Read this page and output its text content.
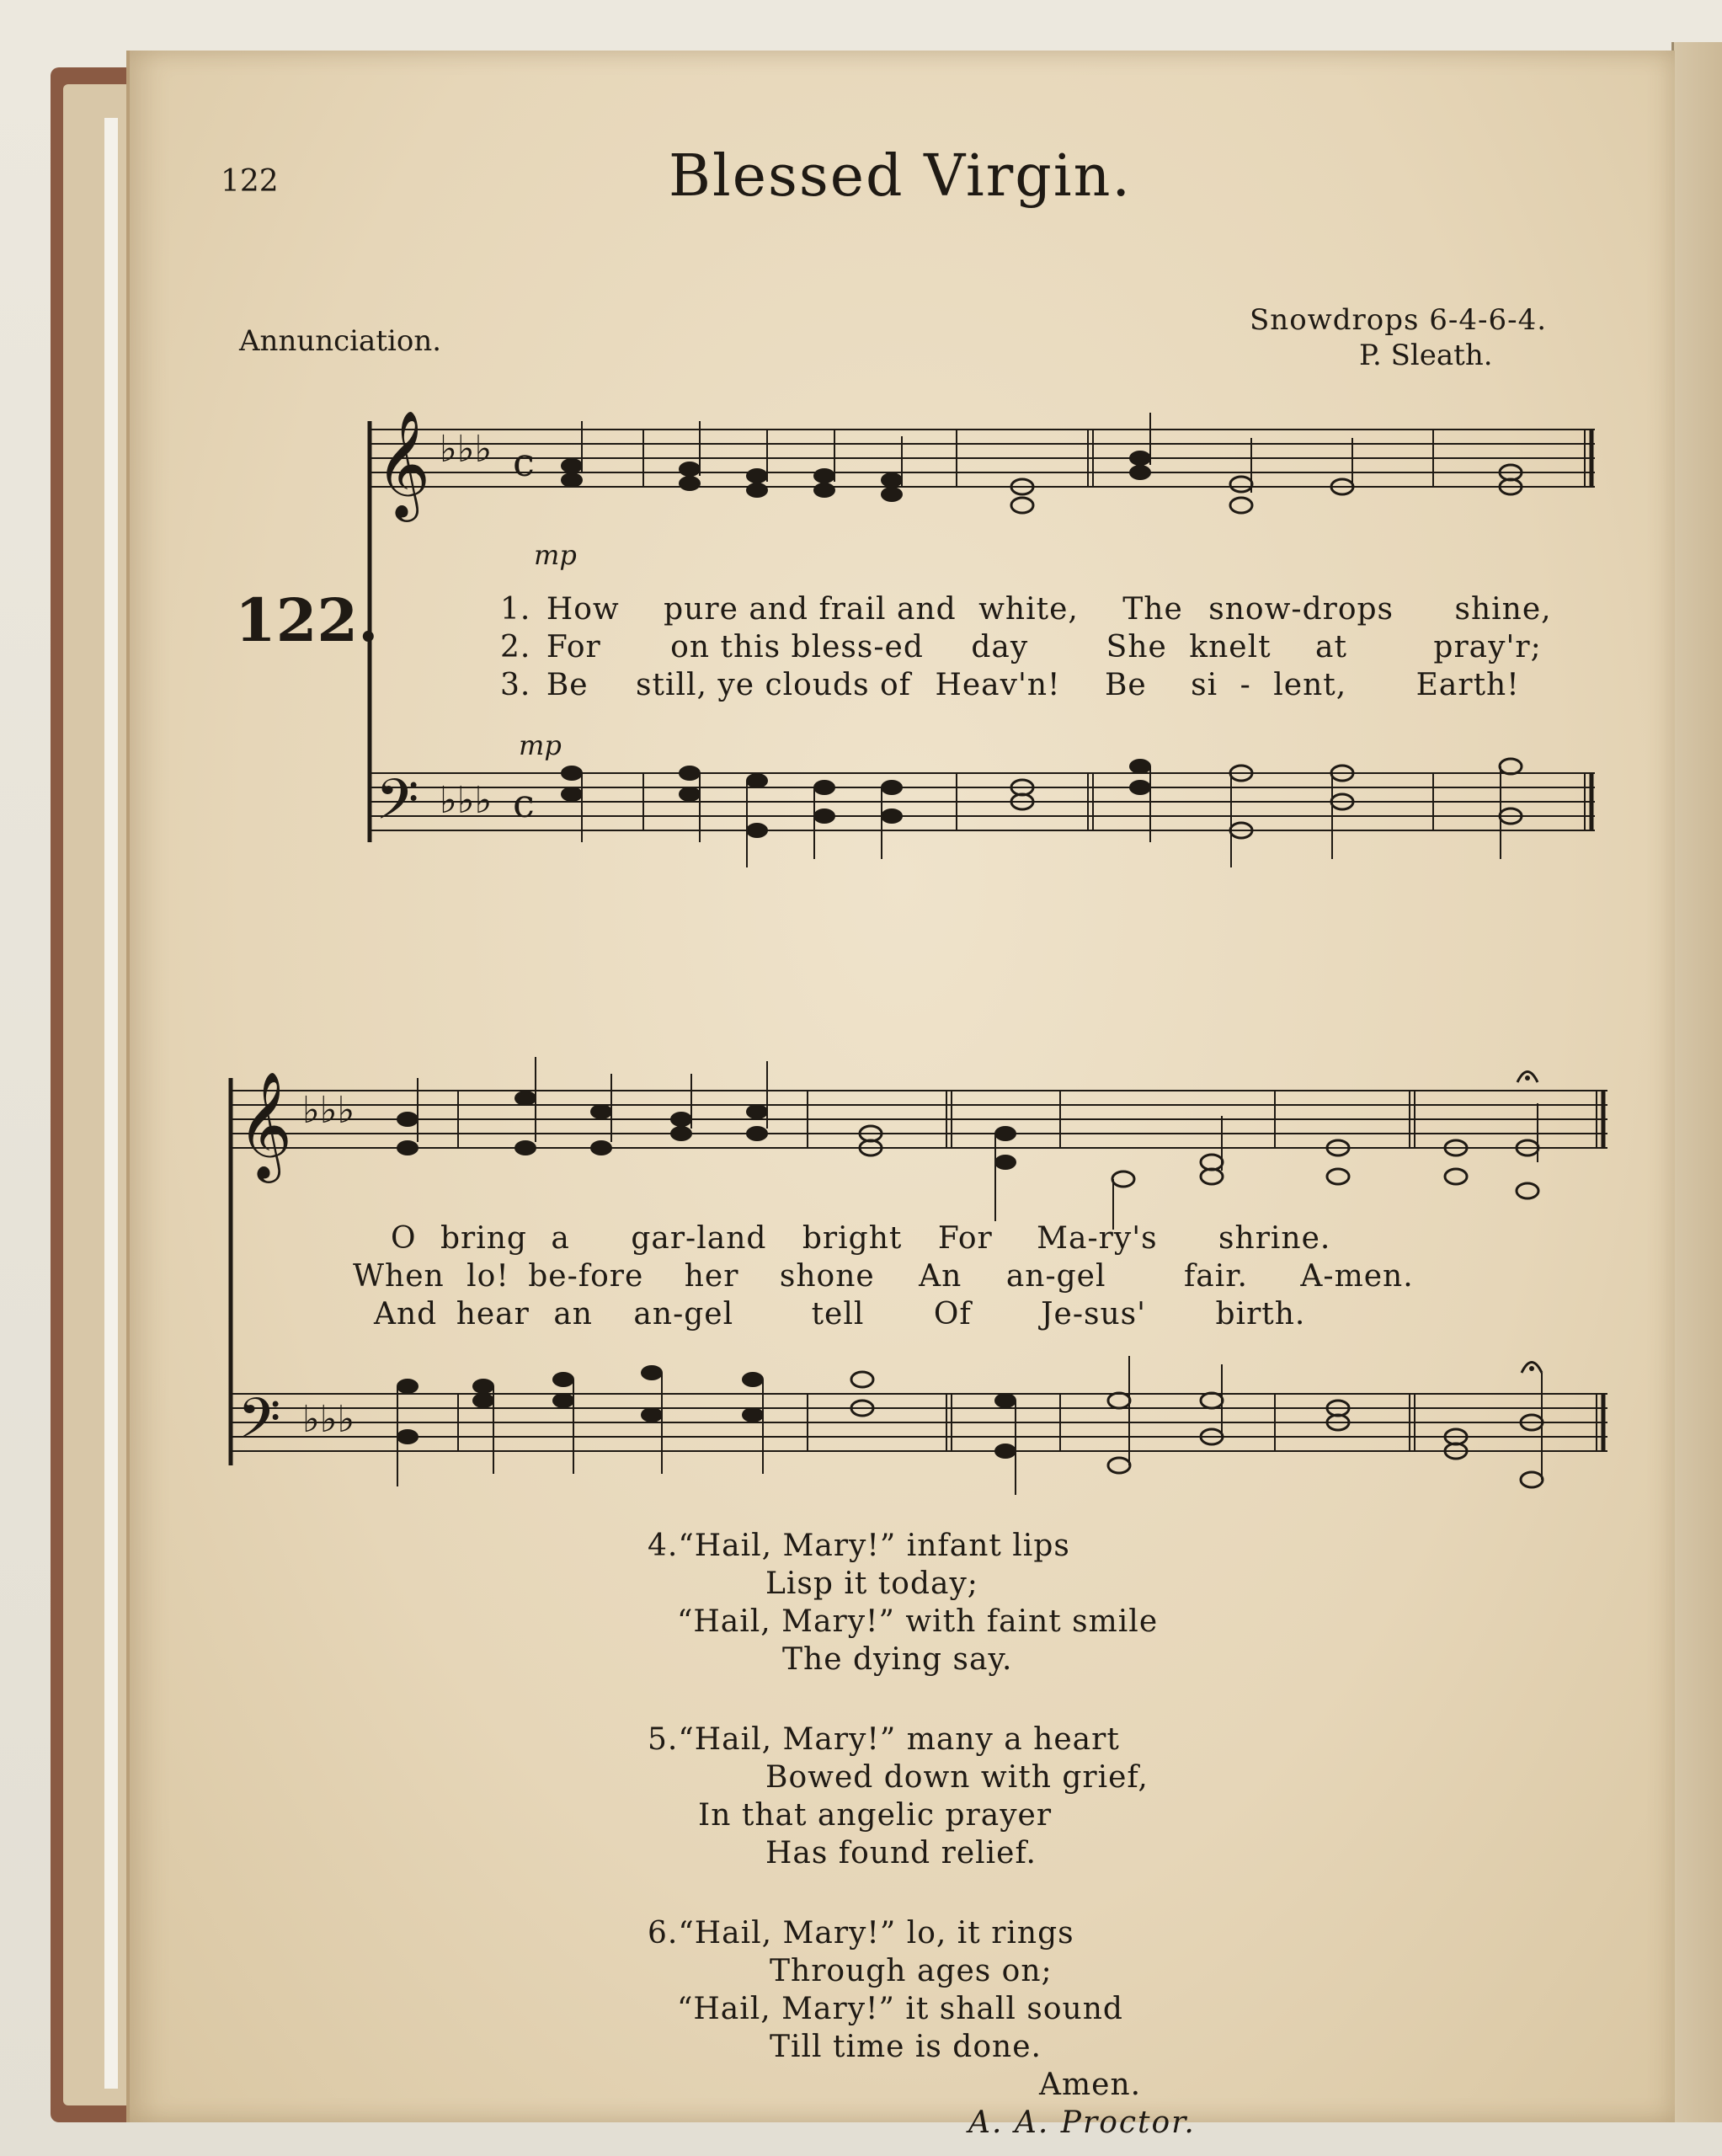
122	Blessed Virgin.
Annunciation.
Snowdrops 6-4-6-4.
P. Sleath.
122.
𝄞
𝄢
♭♭♭
♭♭♭
c
c
mp
mp
𝄞
𝄢
♭♭♭
♭♭♭
1. How pure and frail and white, The snow-drops shine,
2. For on this bless-ed day	She knelt at	pray'r;
3. Be still, ye clouds of Heav'n! Be si - lent, Earth!
O bring a gar-land bright For Ma-ry's shrine.
When lo! be-fore her shone An an-gel	fair. A-men.
And hear an an-gel	tell Of Je-sus' birth.
4.“Hail, Mary!” infant lips
Lisp it today;
“Hail, Mary!” with faint smile
The dying say.
5.“Hail, Mary!” many a heart
Bowed down with grief,
In that angelic prayer
Has found relief.
6.“Hail, Mary!” lo, it rings
Through ages on;
“Hail, Mary!” it shall sound
Till time is done.
Amen.
A. A. Proctor.
